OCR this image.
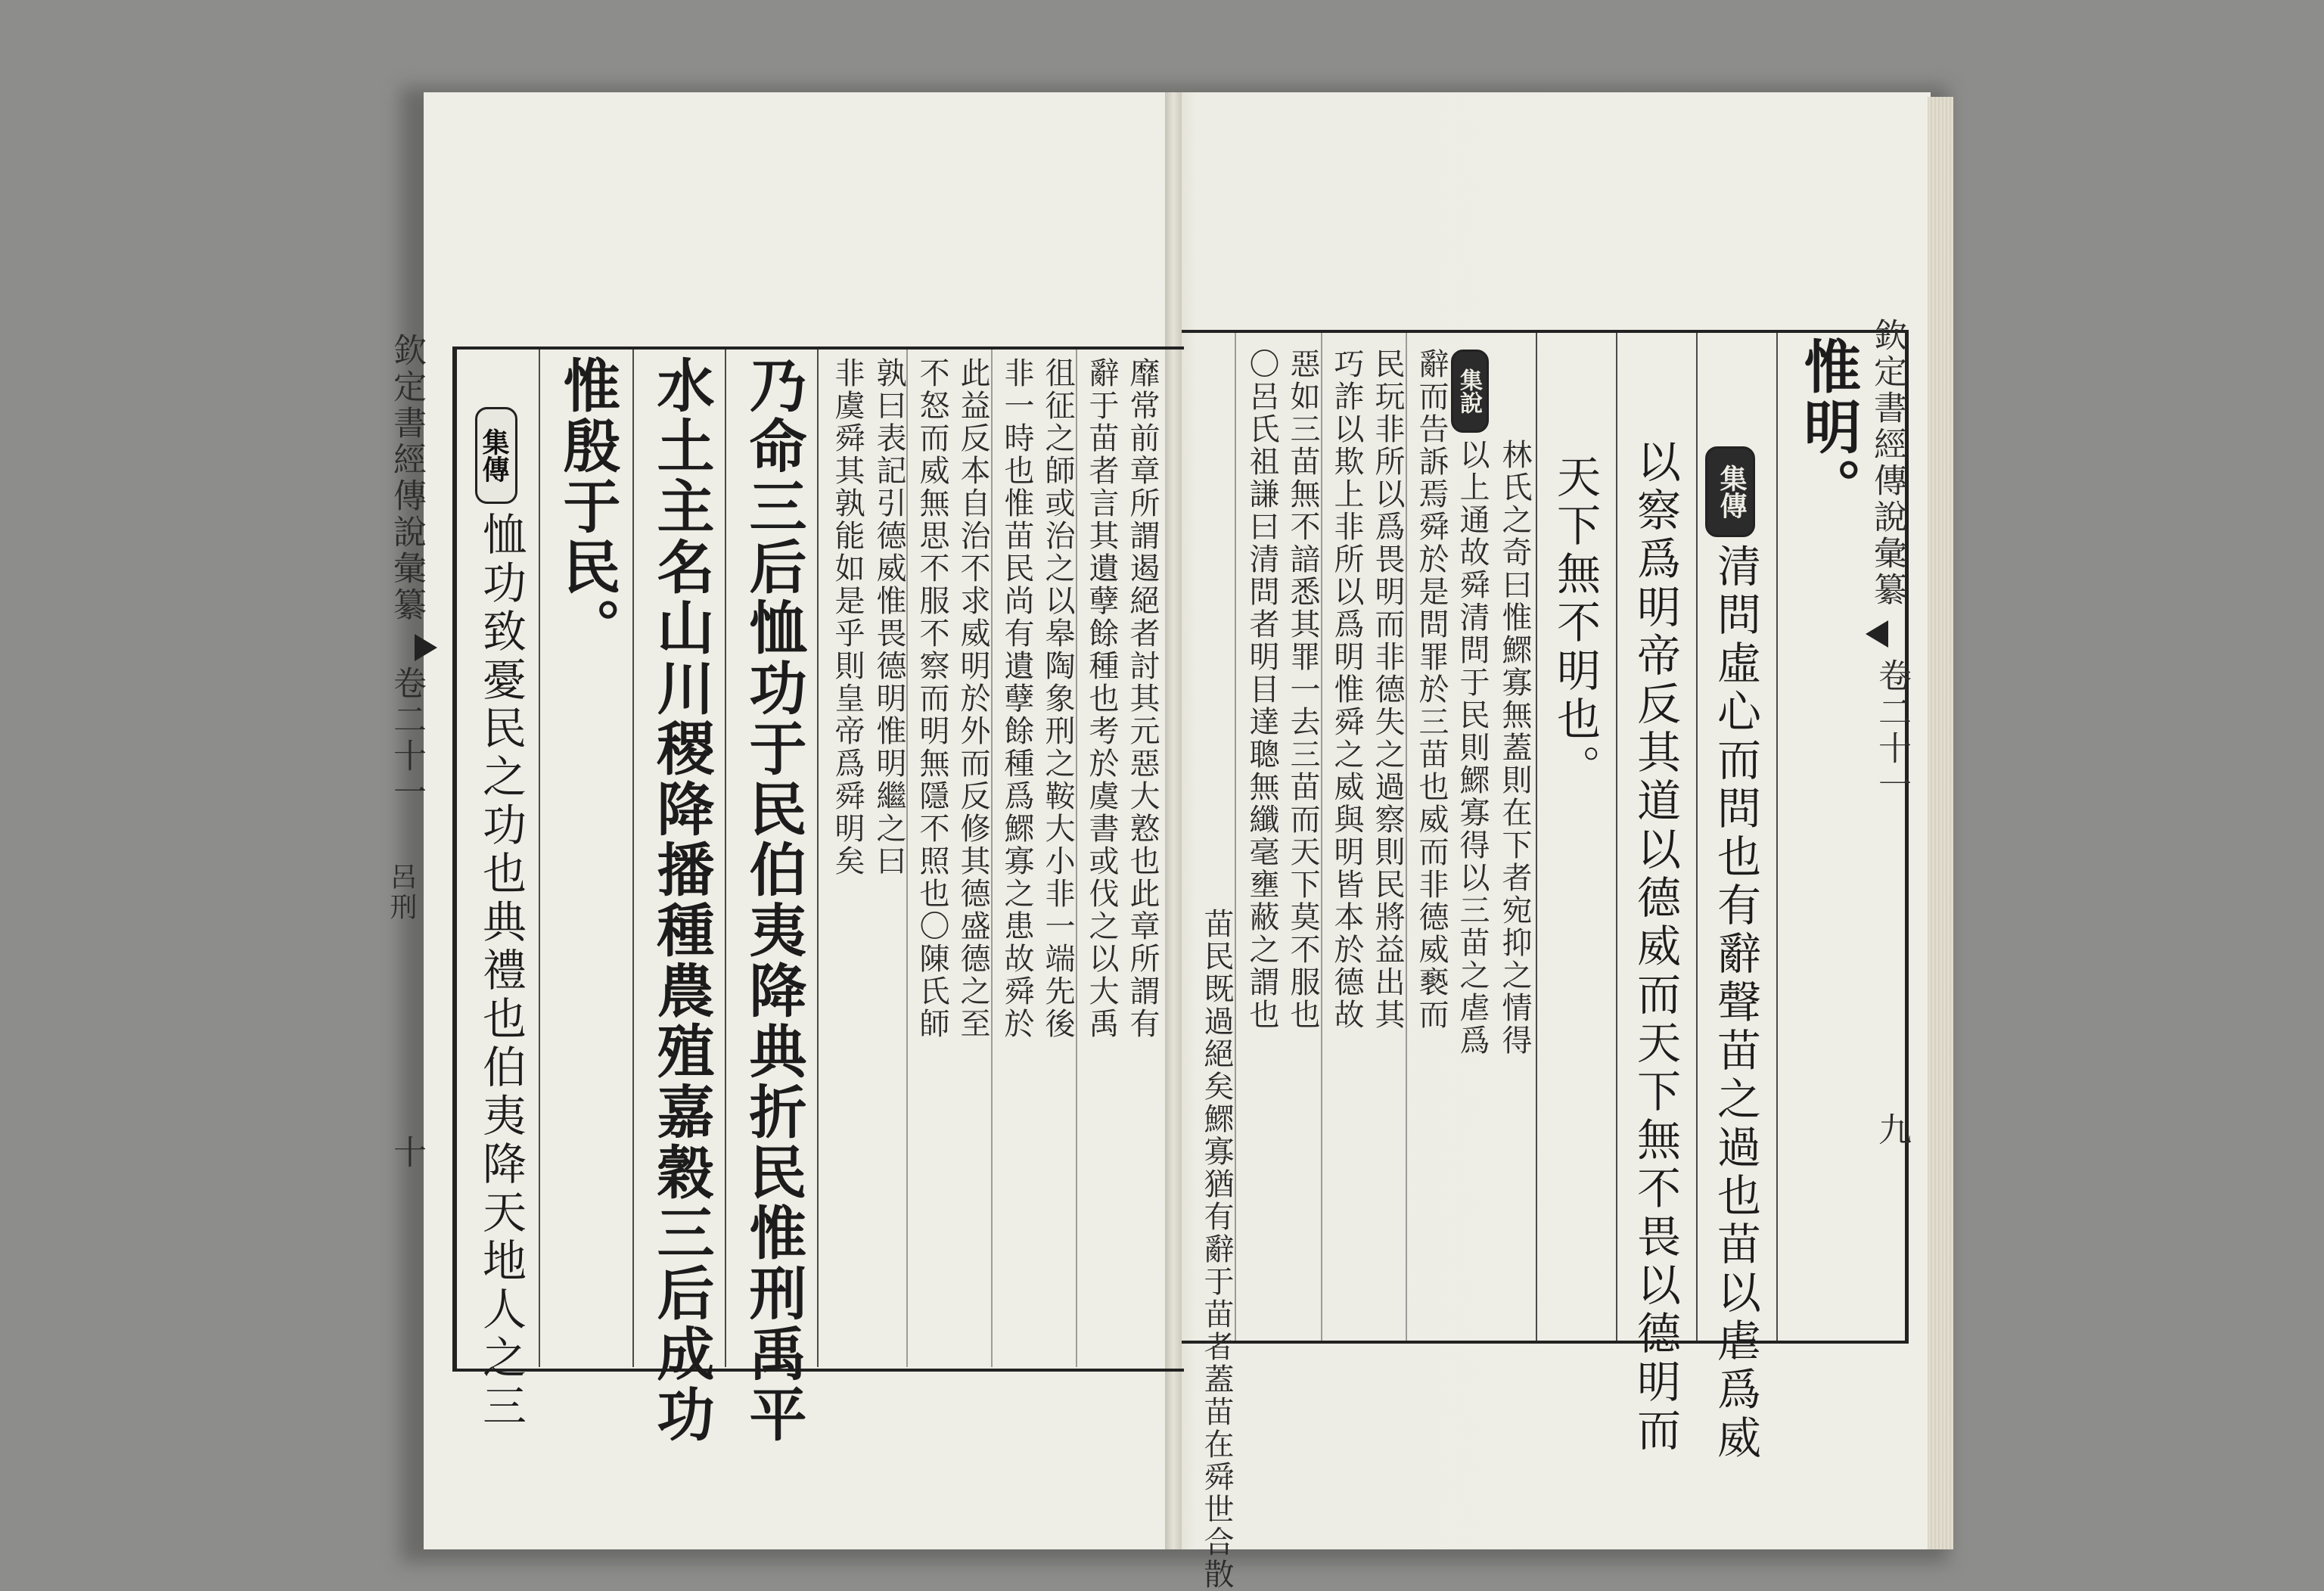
欽定書經傳說彙纂
卷二十一
呂刑
十
集傳
恤功致憂民之功也典禮也伯夷降天地人之三
惟殷于民。 水土主名山川稷降播種農殖嘉穀三后成功 乃命三后恤功于民伯夷降典折民惟刑禹平 非虞舜其孰能如是乎則皇帝爲舜明矣 孰曰表記引德威惟畏德明惟明繼之曰 不怒而威無思不服不察而明無隱不照也〇陳氏師 此益反本自治不求威明於外而反修其德盛德之至 非一時也惟苗民尚有遺孽餘種爲鰥寡之患故舜於 徂征之師或治之以皋陶象刑之鞍大小非一端先後 辭于苗者言其遺孽餘種也考於虞書或伐之以大禹 靡常前章所謂遏絕者討其元惡大憝也此章所謂有
苗民既過絕矣鰥寡猶有辭于苗者蓋苗在舜世合散
〇呂氏祖謙曰清問者明目達聰無纖毫壅蔽之謂也 惡如三苗無不諳悉其罪一去三苗而天下莫不服也 巧詐以欺上非所以爲明惟舜之威與明皆本於德故 民玩非所以爲畏明而非德失之過察則民將益出其 辭而告訴焉舜於是問罪於三苗也威而非德威褻而 集說
以上通故舜清問于民則鰥寡得以三苗之虐爲 林氏之奇曰惟鰥寡無蓋則在下者宛抑之情得 天下無不明也。 以察爲明帝反其道以德威而天下無不畏以德明而	集傳
清問虛心而問也有辭聲苗之過也苗以虐爲威
惟明。 欽定書經傳說彙纂
卷二十一
九
